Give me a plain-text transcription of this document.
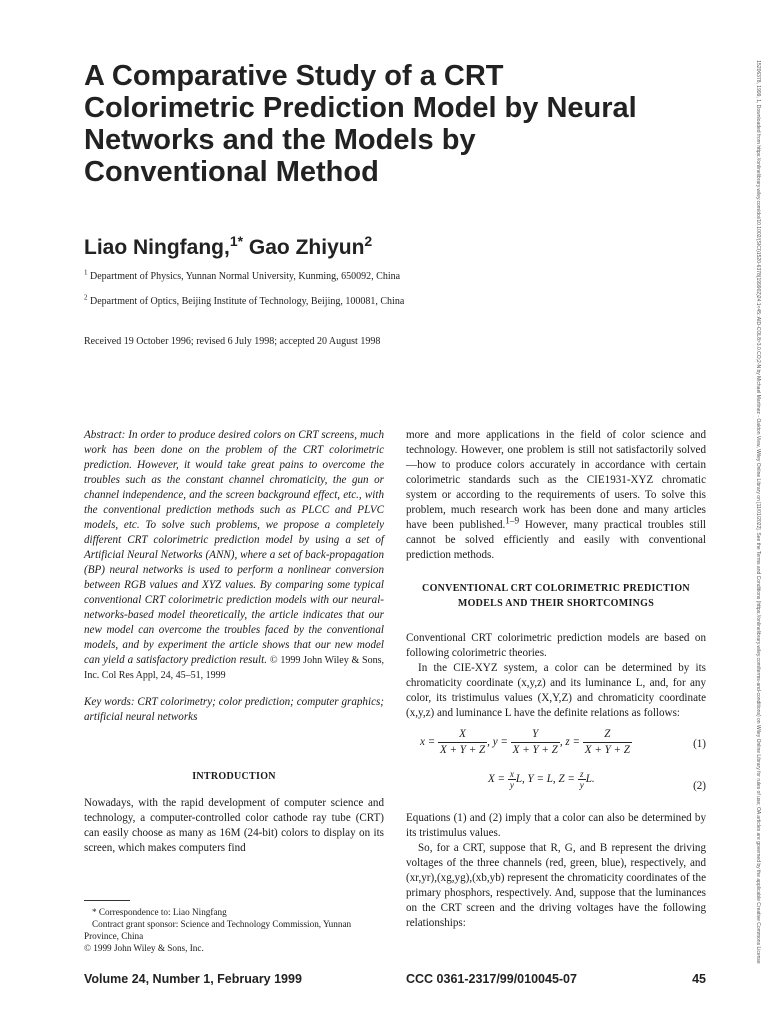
A Comparative Study of a CRT Colorimetric Prediction Model by Neural Networks and the Models by Conventional Method
Liao Ningfang,$^{1*}$ Gao Zhiyun$^2$
$^1$ Department of Physics, Yunnan Normal University, Kunming, 650092, China
$^2$ Department of Optics, Beijing Institute of Technology, Beijing, 100081, China
Received 19 October 1996; revised 6 July 1998; accepted 20 August 1998

Abstract: In order to produce desired colors on CRT screens, much work has been done on the problem of the CRT colorimetric prediction. However, it would take great pains to overcome the troubles such as the constant channel chromaticity, the gun or channel independence, and the screen background effect, etc., with the conventional prediction methods such as PLCC and PLVC models, etc. To solve such problems, we propose a completely different CRT colorimetric prediction model by using a set of Artificial Neural Networks (ANN), where a set of back-propagation (BP) neural networks is used to perform a nonlinear conversion between RGB values and XYZ values. By comparing some typical conventional CRT colorimetric prediction models with our neural-networks-based model theoretically, the article indicates that our new model can overcome the troubles faced by the conventional models, and by experiment the article shows that our new model can yield a satisfactory prediction result. © 1999 John Wiley & Sons, Inc. Col Res Appl, 24, 45–51, 1999

Key words: CRT colorimetry; color prediction; computer graphics; artificial neural networks

INTRODUCTION

Nowadays, with the rapid development of computer science and technology, a computer-controlled color cathode ray tube (CRT) can easily choose as many as 16M (24-bit) colors to display on its screen, which makes computers find

* Correspondence to: Liao Ningfang

Contract grant sponsor: Science and Technology Commission, Yunnan Province, China

© 1999 John Wiley & Sons, Inc.

more and more applications in the field of color science and technology. However, one problem is still not satisfactorily solved—how to produce colors accurately in accordance with certain colorimetric standards such as the CIE1931-XYZ chromatic system or according to the requirements of users. To solve this problem, much research work has been done and many articles have been published.$^{1-9}$ However, many practical troubles still cannot be solved efficiently and easily with conventional prediction methods.

CONVENTIONAL CRT COLORIMETRIC PREDICTION MODELS AND THEIR SHORTCOMINGS

Conventional CRT colorimetric prediction models are based on following colorimetric theories.

In the CIE-XYZ system, a color can be determined by its chromaticity coordinate (x,y,z) and its luminance L, and, for any color, its tristimulus values (X,Y,Z) and chromaticity coordinate (x,y,z) and luminance L have the definite relations as follows:

$x = \frac{X}{X + Y + Z}$ , $y = \frac{Y}{X + Y + Z}$ , $z = \frac{Z}{X + Y + Z}$	(1)
$X = \frac{x}{y} L$, Y = L, $Z = \frac{z}{y} L$.
(2)

Equations (1) and (2) imply that a color can also be determined by its tristimulus values.

So, for a CRT, suppose that R, G, and B represent the driving voltages of the three channels (red, green, blue), respectively, and (xr,yr),(xg,yg),(xb,yb) represent the chromaticity coordinates of the primary phosphors, respectively. And, suppose that the luminances on the CRT screen and the driving voltages have the following relationships:

Volume 24, Number 1, February 1999	CCC 0361-2317/99/010045-07	45
15206378, 1999, 1, Downloaded from https://onlinelibrary.wiley.com/doi/10.1002/(SICI)1520-6378(199902)24:1<45::AID-COL8>3.0.CO;2-N by Michael Martinez - Oakton View, Wiley Online Library on [11/01/2022]. See the Terms and Conditions (https://onlinelibrary.wiley.com/terms-and-conditions) on Wiley Online Library for rules of use; OA articles are governed by the applicable Creative Commons License
